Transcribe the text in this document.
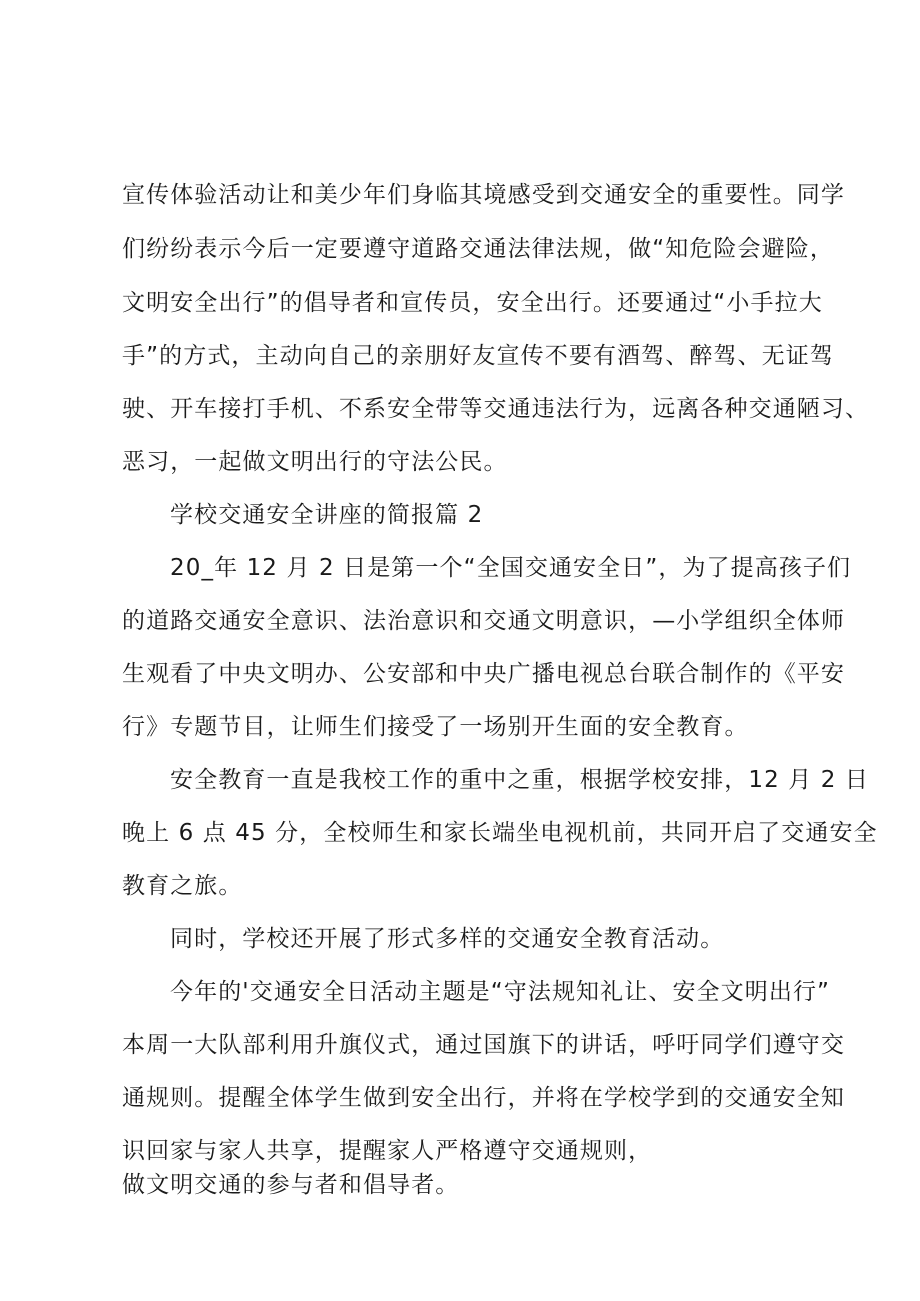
宣传体验活动让和美少年们身临其境感受到交通安全的重要性。同学
们纷纷表示今后一定要遵守道路交通法律法规，做“知危险会避险，
文明安全出行”的倡导者和宣传员，安全出行。还要通过“小手拉大
手”的方式，主动向自己的亲朋好友宣传不要有酒驾、醉驾、无证驾
驶、开车接打手机、不系安全带等交通违法行为，远离各种交通陋习、
恶习，一起做文明出行的守法公民。
学校交通安全讲座的简报篇 2
20_年 12 月 2 日是第一个“全国交通安全日”，为了提高孩子们
的道路交通安全意识、法治意识和交通文明意识，—小学组织全体师
生观看了中央文明办、公安部和中央广播电视总台联合制作的《平安
行》专题节目，让师生们接受了一场别开生面的安全教育。
安全教育一直是我校工作的重中之重，根据学校安排，12 月 2 日
晚上 6 点 45 分，全校师生和家长端坐电视机前，共同开启了交通安全
教育之旅。
同时，学校还开展了形式多样的交通安全教育活动。
今年的'交通安全日活动主题是“守法规知礼让、安全文明出行”
本周一大队部利用升旗仪式，通过国旗下的讲话，呼吁同学们遵守交
通规则。提醒全体学生做到安全出行，并将在学校学到的交通安全知
识回家与家人共享，提醒家人严格遵守交通规则，
做文明交通的参与者和倡导者。
